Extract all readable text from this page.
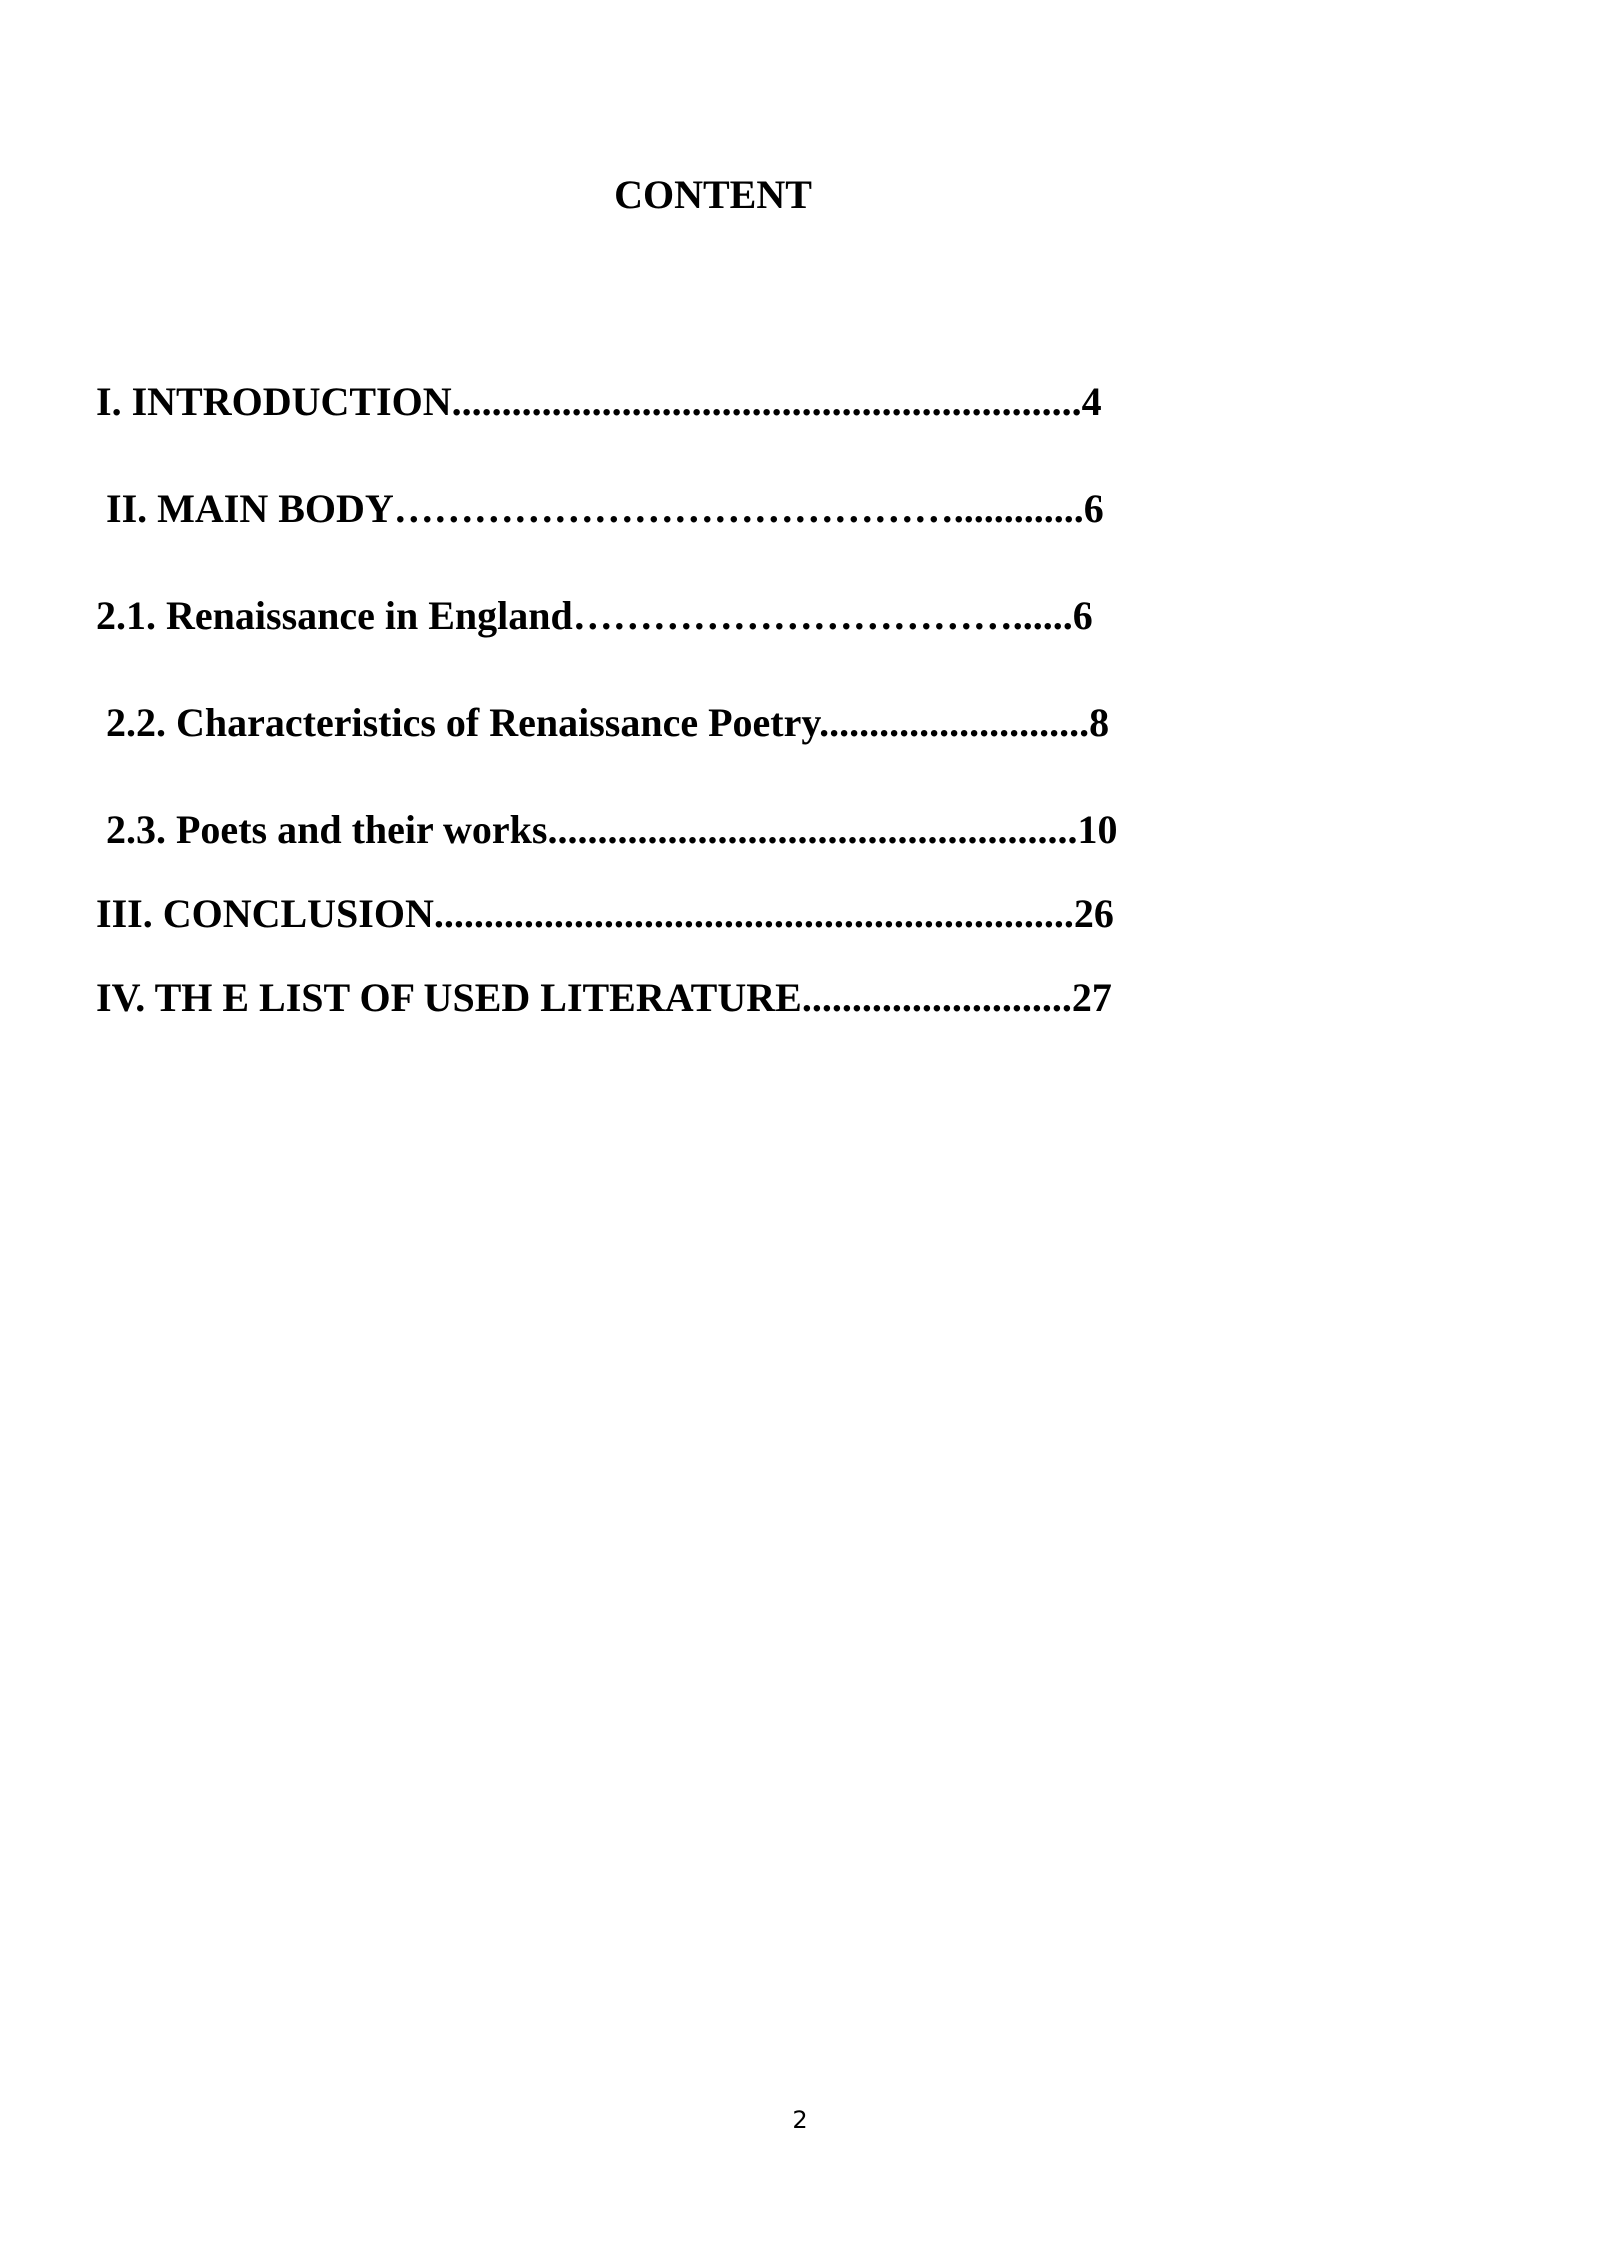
CONTENT
I. INTRODUCTION...............................................................4
II. MAIN BODY…………………………………….............6
2.1. Renaissance in England……………………………......6
2.2. Characteristics of Renaissance Poetry...........................8
2.3. Poets and their works.....................................................10
III. CONCLUSION................................................................26
IV. TH E LIST OF USED LITERATURE...........................27
2
